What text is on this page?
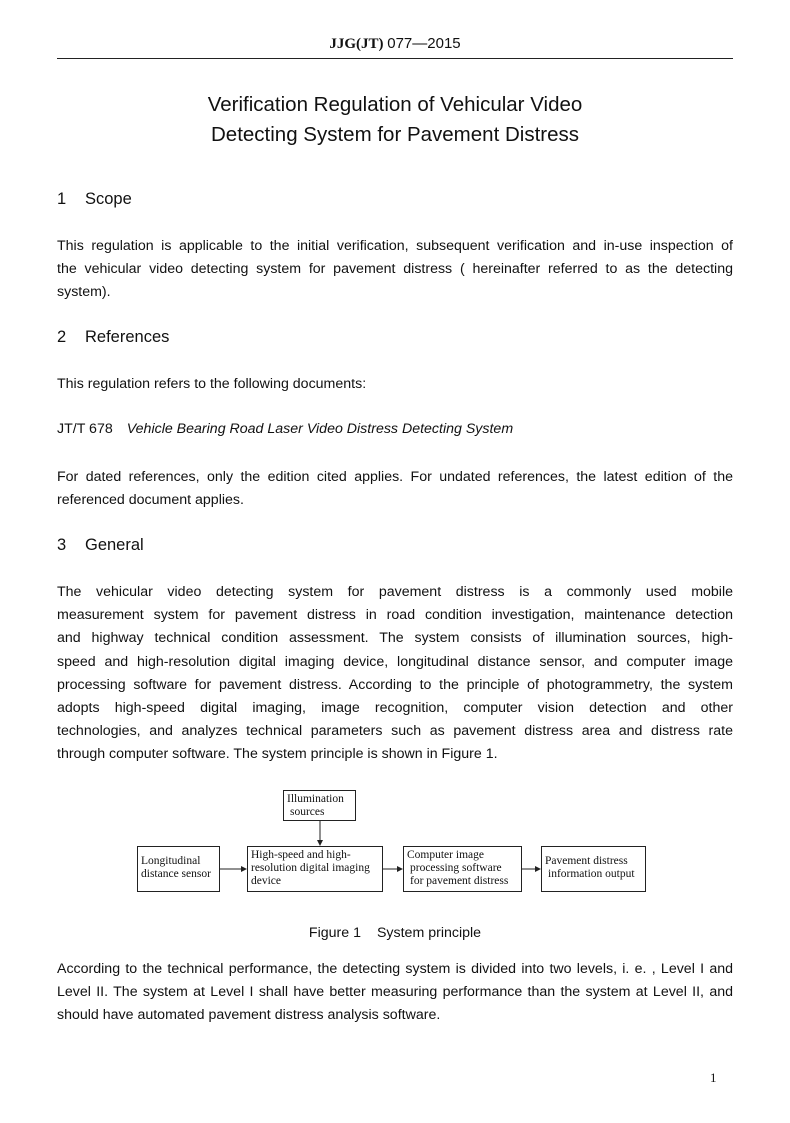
JJG(JT) 077—2015
Verification Regulation of Vehicular Video
Detecting System for Pavement Distress
1 Scope
This regulation is applicable to the initial verification, subsequent verification and in-use inspection of
the vehicular video detecting system for pavement distress ( hereinafter referred to as the detecting
system).
2 References
This regulation refers to the following documents:
JT/T 678 Vehicle Bearing Road Laser Video Distress Detecting System
For dated references, only the edition cited applies. For undated references, the latest edition of the
referenced document applies.
3 General
The vehicular video detecting system for pavement distress is a commonly used mobile
measurement system for pavement distress in road condition investigation, maintenance detection
and highway technical condition assessment. The system consists of illumination sources, high-
speed and high-resolution digital imaging device, longitudinal distance sensor, and computer image
processing software for pavement distress. According to the principle of photogrammetry, the system
adopts high-speed digital imaging, image recognition, computer vision detection and other
technologies, and analyzes technical parameters such as pavement distress area and distress rate
through computer software. The system principle is shown in Figure 1.
Illumination
sources
Longitudinal
distance sensor
High-speed and high-
resolution digital imaging
device
Computer image
processing software
for pavement distress
Pavement distress
information output
Figure 1 System principle
According to the technical performance, the detecting system is divided into two levels, i. e. , Level I and
Level II. The system at Level I shall have better measuring performance than the system at Level II, and
should have automated pavement distress analysis software.
1
